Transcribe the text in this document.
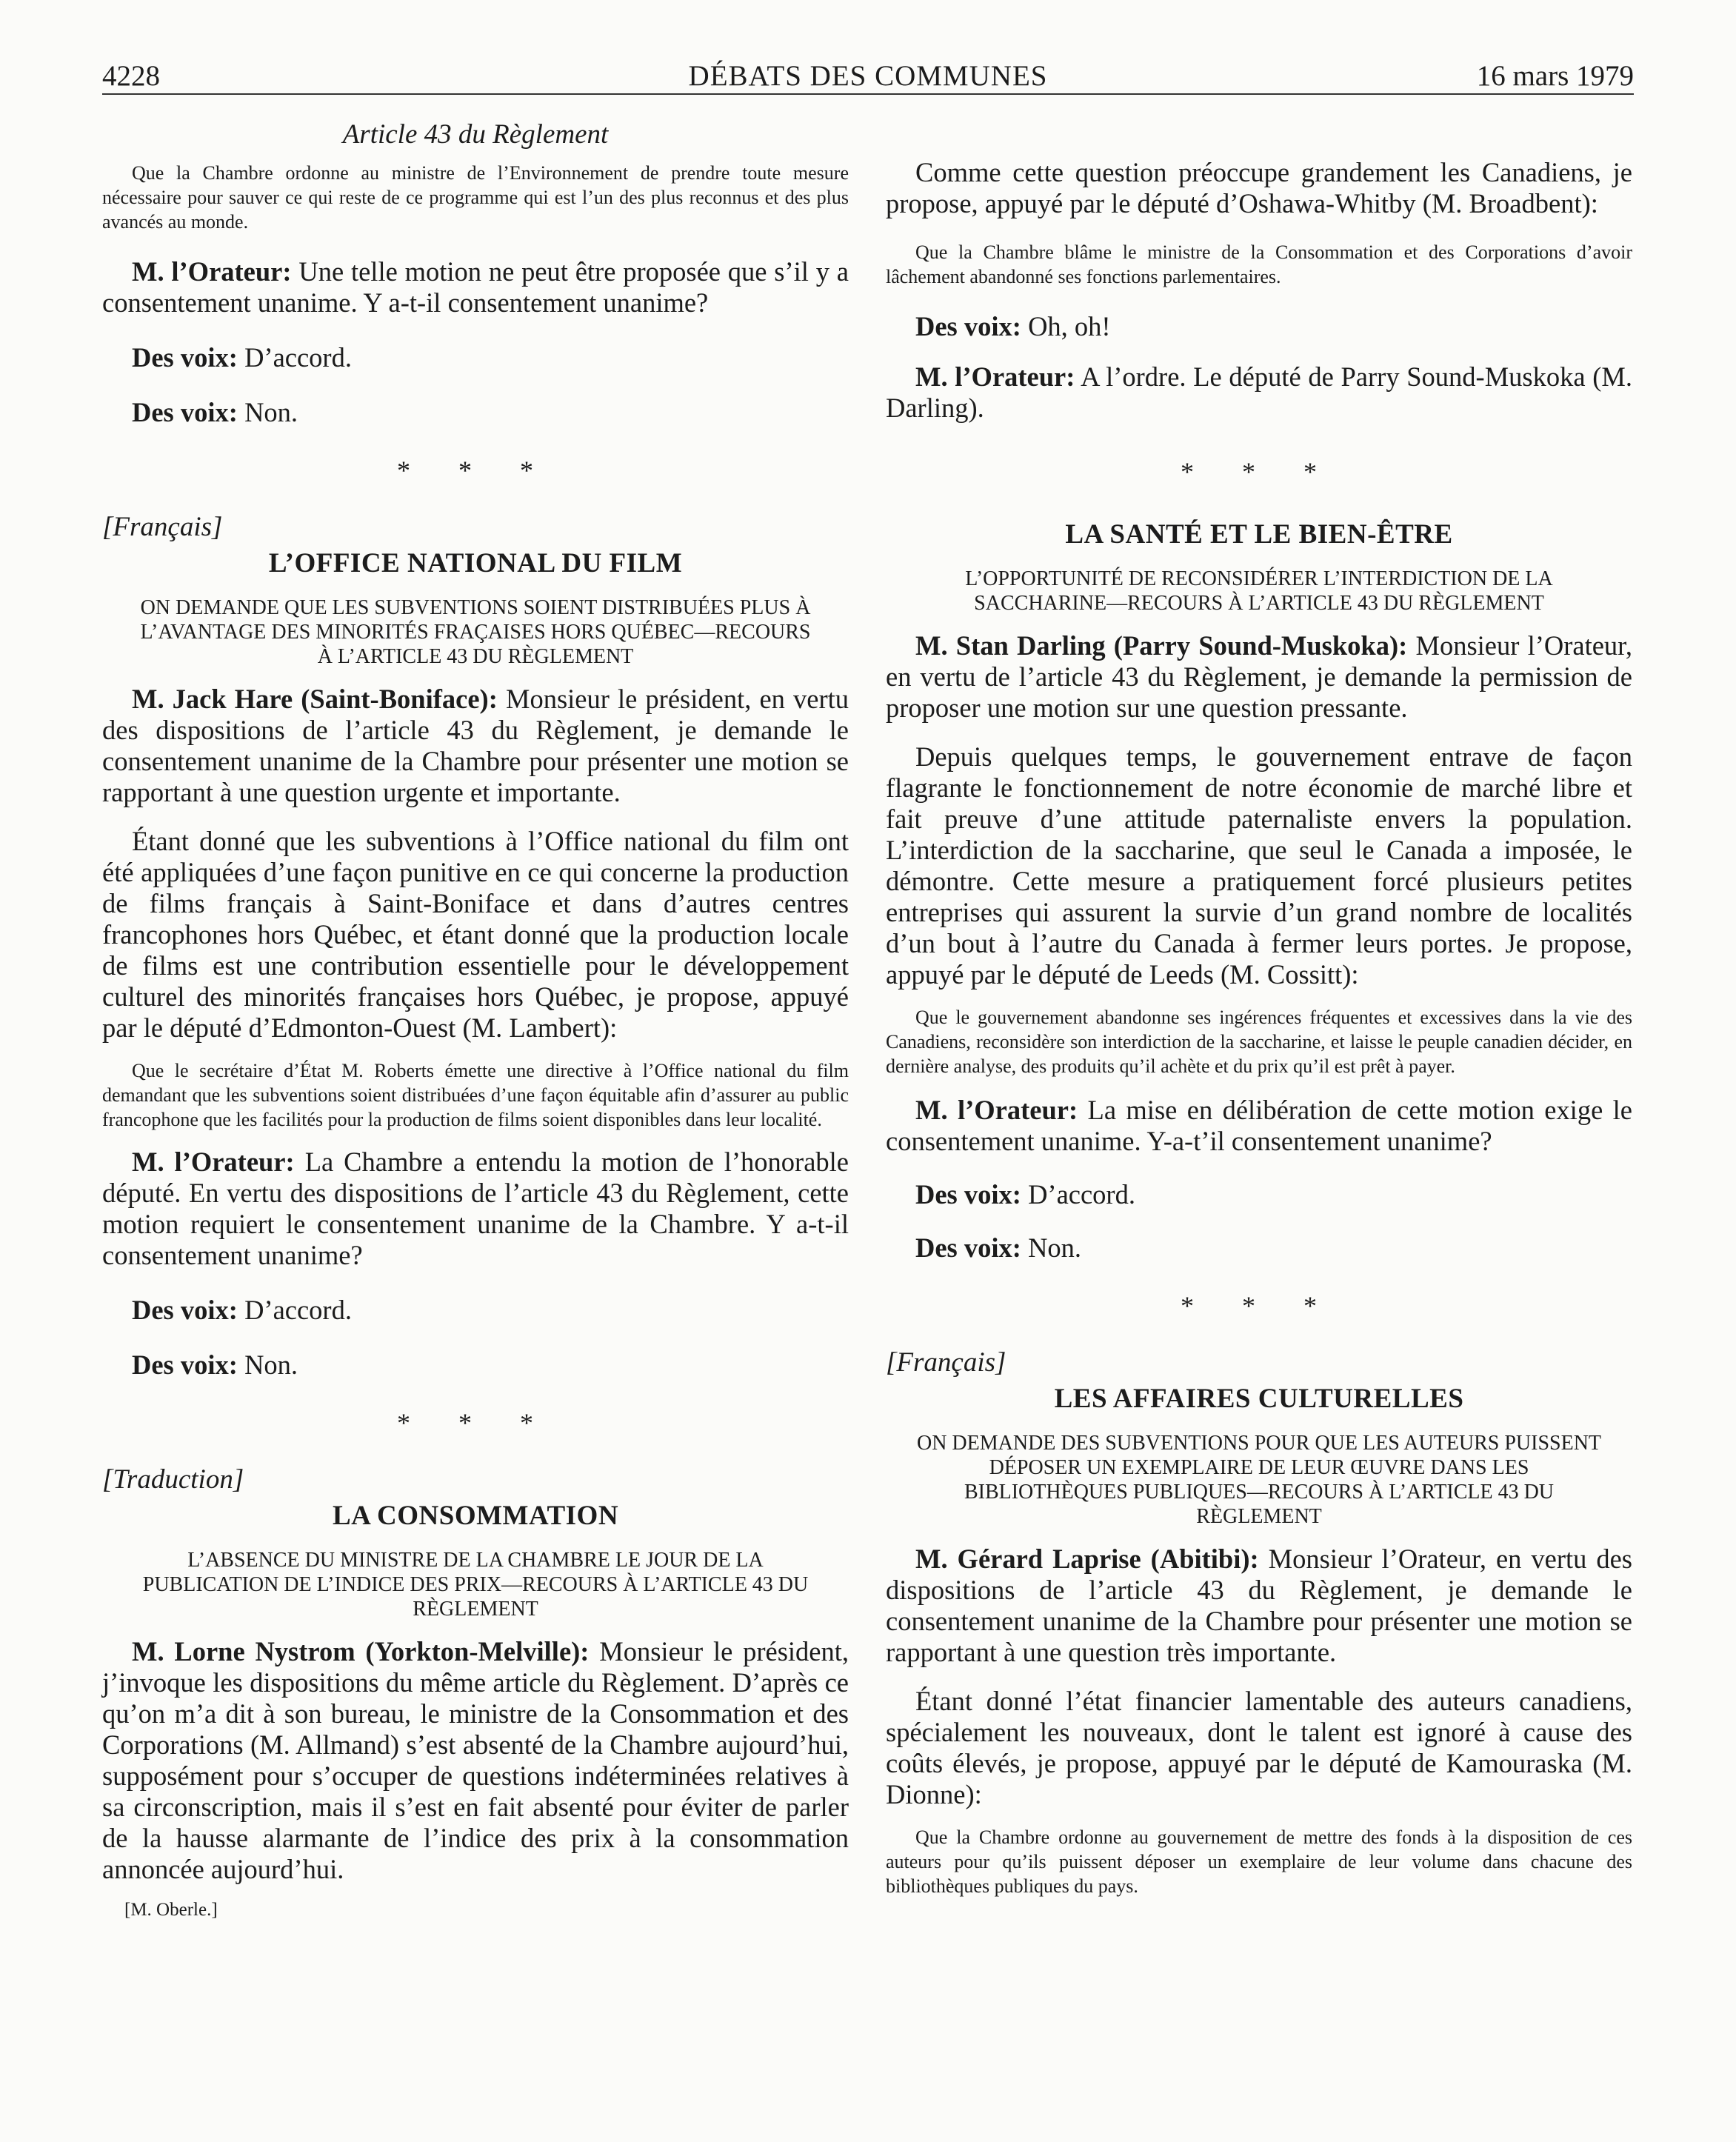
4228	DÉBATS DES COMMUNES	16 mars 1979

Article 43 du Règlement

Que la Chambre ordonne au ministre de l’Environnement de prendre toute mesure nécessaire pour sauver ce qui reste de ce programme qui est l’un des plus reconnus et des plus avancés au monde.

M. l’Orateur: Une telle motion ne peut être proposée que s’il y a consentement unanime. Y a-t-il consentement unanime?

Des voix: D’accord.

Des voix: Non.

* * *

[Français]

L’OFFICE NATIONAL DU FILM

ON DEMANDE QUE LES SUBVENTIONS SOIENT DISTRIBUÉES PLUS À L’AVANTAGE DES MINORITÉS FRAÇAISES HORS QUÉBEC—RECOURS À L’ARTICLE 43 DU RÈGLEMENT

M. Jack Hare (Saint-Boniface): Monsieur le président, en vertu des dispositions de l’article 43 du Règlement, je demande le consentement unanime de la Chambre pour présenter une motion se rapportant à une question urgente et importante.

Étant donné que les subventions à l’Office national du film ont été appliquées d’une façon punitive en ce qui concerne la production de films français à Saint-Boniface et dans d’autres centres francophones hors Québec, et étant donné que la production locale de films est une contribution essentielle pour le développement culturel des minorités françaises hors Québec, je propose, appuyé par le député d’Edmonton-Ouest (M. Lambert):

Que le secrétaire d’État M. Roberts émette une directive à l’Office national du film demandant que les subventions soient distribuées d’une façon équitable afin d’assurer au public francophone que les facilités pour la production de films soient disponibles dans leur localité.

M. l’Orateur: La Chambre a entendu la motion de l’honorable député. En vertu des dispositions de l’article 43 du Règlement, cette motion requiert le consentement unanime de la Chambre. Y a-t-il consentement unanime?

Des voix: D’accord.

Des voix: Non.

* * *

[Traduction]

LA CONSOMMATION

L’ABSENCE DU MINISTRE DE LA CHAMBRE LE JOUR DE LA PUBLICATION DE L’INDICE DES PRIX—RECOURS À L’ARTICLE 43 DU RÈGLEMENT

M. Lorne Nystrom (Yorkton-Melville): Monsieur le président, j’invoque les dispositions du même article du Règlement. D’après ce qu’on m’a dit à son bureau, le ministre de la Consommation et des Corporations (M. Allmand) s’est absenté de la Chambre aujourd’hui, supposément pour s’occuper de questions indéterminées relatives à sa circonscription, mais il s’est en fait absenté pour éviter de parler de la hausse alarmante de l’indice des prix à la consommation annoncée aujourd’hui.

[M. Oberle.]

Comme cette question préoccupe grandement les Canadiens, je propose, appuyé par le député d’Oshawa-Whitby (M. Broadbent):

Que la Chambre blâme le ministre de la Consommation et des Corporations d’avoir lâchement abandonné ses fonctions parlementaires.

Des voix: Oh, oh!

M. l’Orateur: A l’ordre. Le député de Parry Sound-Muskoka (M. Darling).

* * *

LA SANTÉ ET LE BIEN-ÊTRE

L’OPPORTUNITÉ DE RECONSIDÉRER L’INTERDICTION DE LA SACCHARINE—RECOURS À L’ARTICLE 43 DU RÈGLEMENT

M. Stan Darling (Parry Sound-Muskoka): Monsieur l’Orateur, en vertu de l’article 43 du Règlement, je demande la permission de proposer une motion sur une question pressante.

Depuis quelques temps, le gouvernement entrave de façon flagrante le fonctionnement de notre économie de marché libre et fait preuve d’une attitude paternaliste envers la population. L’interdiction de la saccharine, que seul le Canada a imposée, le démontre. Cette mesure a pratiquement forcé plusieurs petites entreprises qui assurent la survie d’un grand nombre de localités d’un bout à l’autre du Canada à fermer leurs portes. Je propose, appuyé par le député de Leeds (M. Cossitt):

Que le gouvernement abandonne ses ingérences fréquentes et excessives dans la vie des Canadiens, reconsidère son interdiction de la saccharine, et laisse le peuple canadien décider, en dernière analyse, des produits qu’il achète et du prix qu’il est prêt à payer.

M. l’Orateur: La mise en délibération de cette motion exige le consentement unanime. Y-a-t’il consentement unanime?

Des voix: D’accord.

Des voix: Non.

* * *

[Français]

LES AFFAIRES CULTURELLES

ON DEMANDE DES SUBVENTIONS POUR QUE LES AUTEURS PUISSENT DÉPOSER UN EXEMPLAIRE DE LEUR ŒUVRE DANS LES BIBLIOTHÈQUES PUBLIQUES—RECOURS À L’ARTICLE 43 DU RÈGLEMENT

M. Gérard Laprise (Abitibi): Monsieur l’Orateur, en vertu des dispositions de l’article 43 du Règlement, je demande le consentement unanime de la Chambre pour présenter une motion se rapportant à une question très importante.

Étant donné l’état financier lamentable des auteurs canadiens, spécialement les nouveaux, dont le talent est ignoré à cause des coûts élevés, je propose, appuyé par le député de Kamouraska (M. Dionne):

Que la Chambre ordonne au gouvernement de mettre des fonds à la disposition de ces auteurs pour qu’ils puissent déposer un exemplaire de leur volume dans chacune des bibliothèques publiques du pays.
